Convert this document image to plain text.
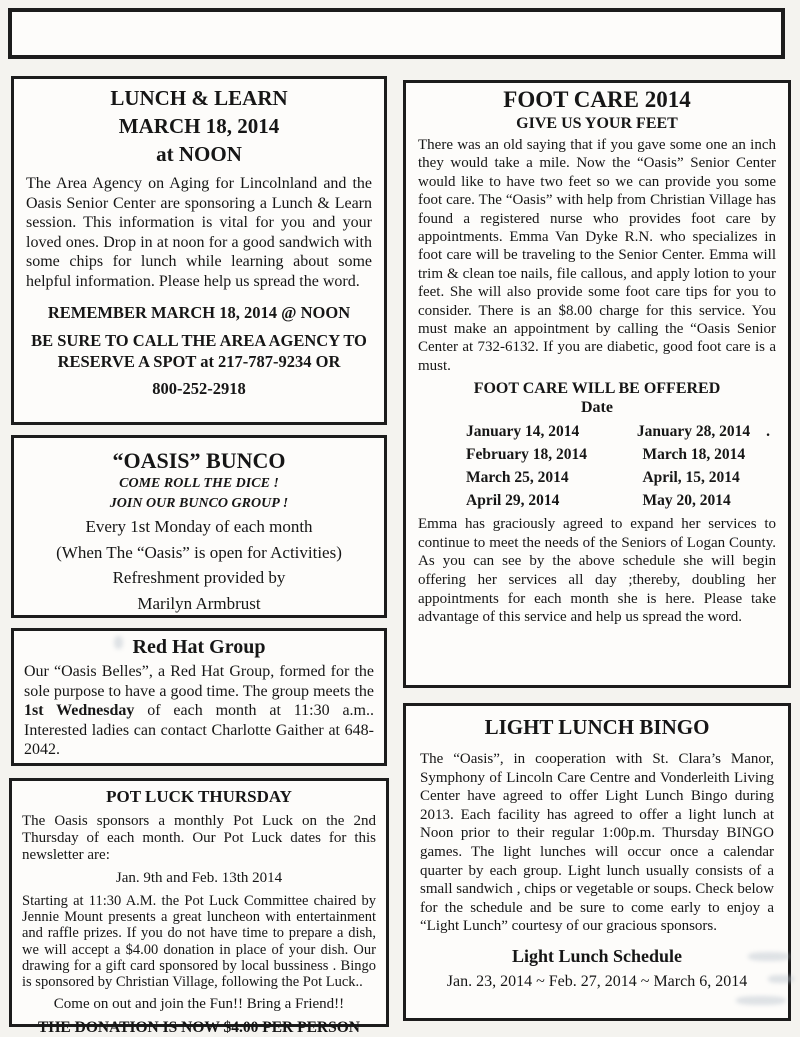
LUNCH & LEARN
MARCH 18, 2014
at NOON
The Area Agency on Aging for Lincolnland and the Oasis Senior Center are sponsoring a Lunch & Learn session. This information is vital for you and your loved ones. Drop in at noon for a good sandwich with some chips for lunch while learning about some helpful information. Please help us spread the word.
REMEMBER MARCH 18, 2014 @ NOON
BE SURE TO CALL THE AREA AGENCY TO RESERVE A SPOT at 217-787-9234 OR
800-252-2918
“OASIS” BUNCO
COME ROLL THE DICE !
JOIN OUR BUNCO GROUP !
Every 1st Monday of each month
(When The “Oasis” is open for Activities)
Refreshment provided by
Marilyn Armbrust
Red Hat Group
Our “Oasis Belles”, a Red Hat Group, formed for the sole purpose to have a good time. The group meets the 1st Wednesday of each month at 11:30 a.m.. Interested ladies can contact Charlotte Gaither at 648-2042.
POT LUCK THURSDAY
The Oasis sponsors a monthly Pot Luck on the 2nd Thursday of each month. Our Pot Luck dates for this newsletter are:
Jan. 9th and Feb. 13th 2014
Starting at 11:30 A.M. the Pot Luck Committee chaired by Jennie Mount presents a great luncheon with entertainment and raffle prizes. If you do not have time to prepare a dish, we will accept a $4.00 donation in place of your dish. Our drawing for a gift card sponsored by local bussiness . Bingo is sponsored by Christian Village, following the Pot Luck..
Come on out and join the Fun!! Bring a Friend!!
THE DONATION IS NOW $4.00 PER PERSON
FOOT CARE 2014
GIVE US YOUR FEET
There was an old saying that if you gave some one an inch they would take a mile. Now the “Oasis” Senior Center would like to have two feet so we can provide you some foot care. The “Oasis” with help from Christian Village has found a registered nurse who provides foot care by appointments. Emma Van Dyke R.N. who specializes in foot care will be traveling to the Senior Center. Emma will trim & clean toe nails, file callous, and apply lotion to your feet. She will also provide some foot care tips for you to consider. There is an $8.00 charge for this service. You must make an appointment by calling the “Oasis Senior Center at 732-6132. If you are diabetic, good foot care is a must.
FOOT CARE WILL BE OFFERED
Date
January 14, 2014	January 28, 2014	.
February 18, 2014	March 18, 2014
March 25, 2014	April, 15, 2014
April 29, 2014	May 20, 2014
Emma has graciously agreed to expand her services to continue to meet the needs of the Seniors of Logan County. As you can see by the above schedule she will begin offering her services all day ;thereby, doubling her appointments for each month she is here. Please take advantage of this service and help us spread the word.
LIGHT LUNCH BINGO
The “Oasis”, in cooperation with St. Clara’s Manor, Symphony of Lincoln Care Centre and Vonderleith Living Center have agreed to offer Light Lunch Bingo during 2013. Each facility has agreed to offer a light lunch at Noon prior to their regular 1:00p.m. Thursday BINGO games. The light lunches will occur once a calendar quarter by each group. Light lunch usually consists of a small sandwich , chips or vegetable or soups. Check below for the schedule and be sure to come early to enjoy a “Light Lunch” courtesy of our gracious sponsors.
Light Lunch Schedule
Jan. 23, 2014 ~ Feb. 27, 2014 ~ March 6, 2014
